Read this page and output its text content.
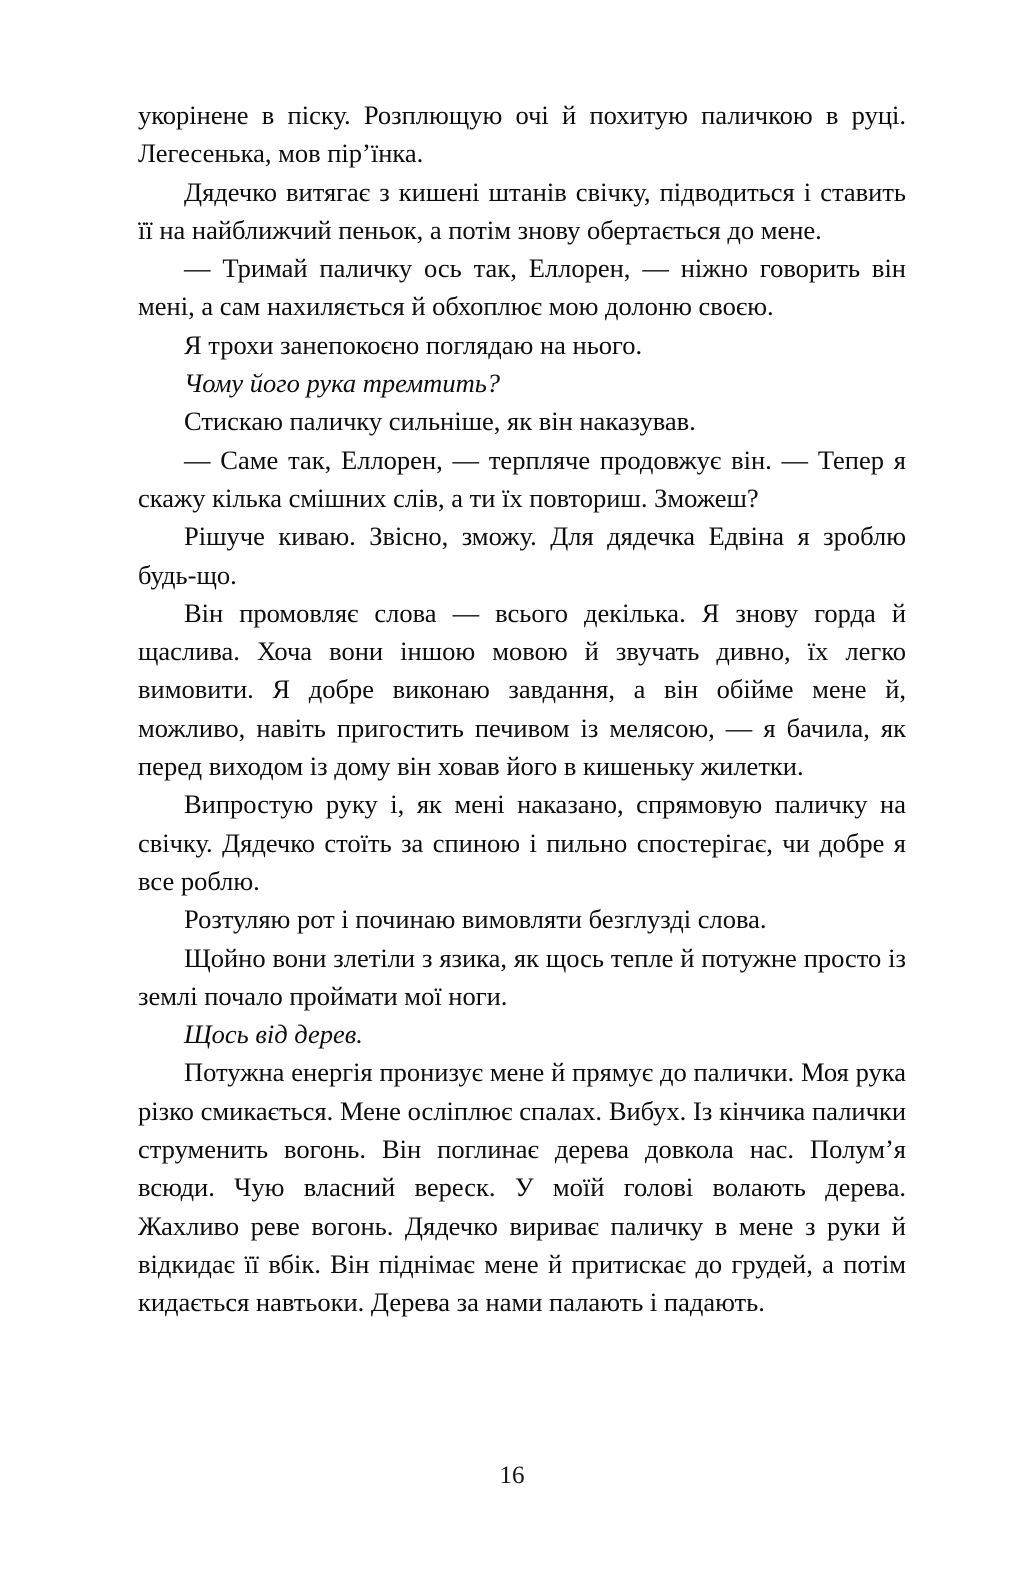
укорінене в піску. Розплющую очі й похитую паличкою в руці. Легесенька, мов пір’їнка.

Дядечко витягає з кишені штанів свічку, підводиться і ставить її на найближчий пеньок, а потім знову обертається до мене.

— Тримай паличку ось так, Еллорен, — ніжно говорить він мені, а сам нахиляється й обхоплює мою долоню своєю.

Я трохи занепокоєно поглядаю на нього.

Чому його рука тремтить?

Стискаю паличку сильніше, як він наказував.

— Саме так, Еллорен, — терпляче продовжує він. — Тепер я скажу кілька смішних слів, а ти їх повториш. Зможеш?

Рішуче киваю. Звісно, зможу. Для дядечка Едвіна я зроблю будь-що.

Він промовляє слова — всього декілька. Я знову горда й щаслива. Хоча вони іншою мовою й звучать дивно, їх легко вимовити. Я добре виконаю завдання, а він обійме мене й, можливо, навіть пригостить печивом із мелясою, — я бачила, як перед виходом із дому він ховав його в кишеньку жилетки.

Випростую руку і, як мені наказано, спрямовую паличку на свічку. Дядечко стоїть за спиною і пильно спостерігає, чи добре я все роблю.

Розтуляю рот і починаю вимовляти безглузді слова.

Щойно вони злетіли з язика, як щось тепле й потужне просто із землі почало проймати мої ноги.

Щось від дерев.

Потужна енергія пронизує мене й прямує до палички. Моя рука різко смикається. Мене осліплює спалах. Вибух. Із кінчика палички струменить вогонь. Він поглинає дерева довкола нас. Полум’я всюди. Чую власний вереск. У моїй голові волають дерева. Жахливо реве вогонь. Дядечко вириває паличку в мене з руки й відкидає її вбік. Він піднімає мене й притискає до грудей, а потім кидається навтьоки. Дерева за нами палають і падають.

16
